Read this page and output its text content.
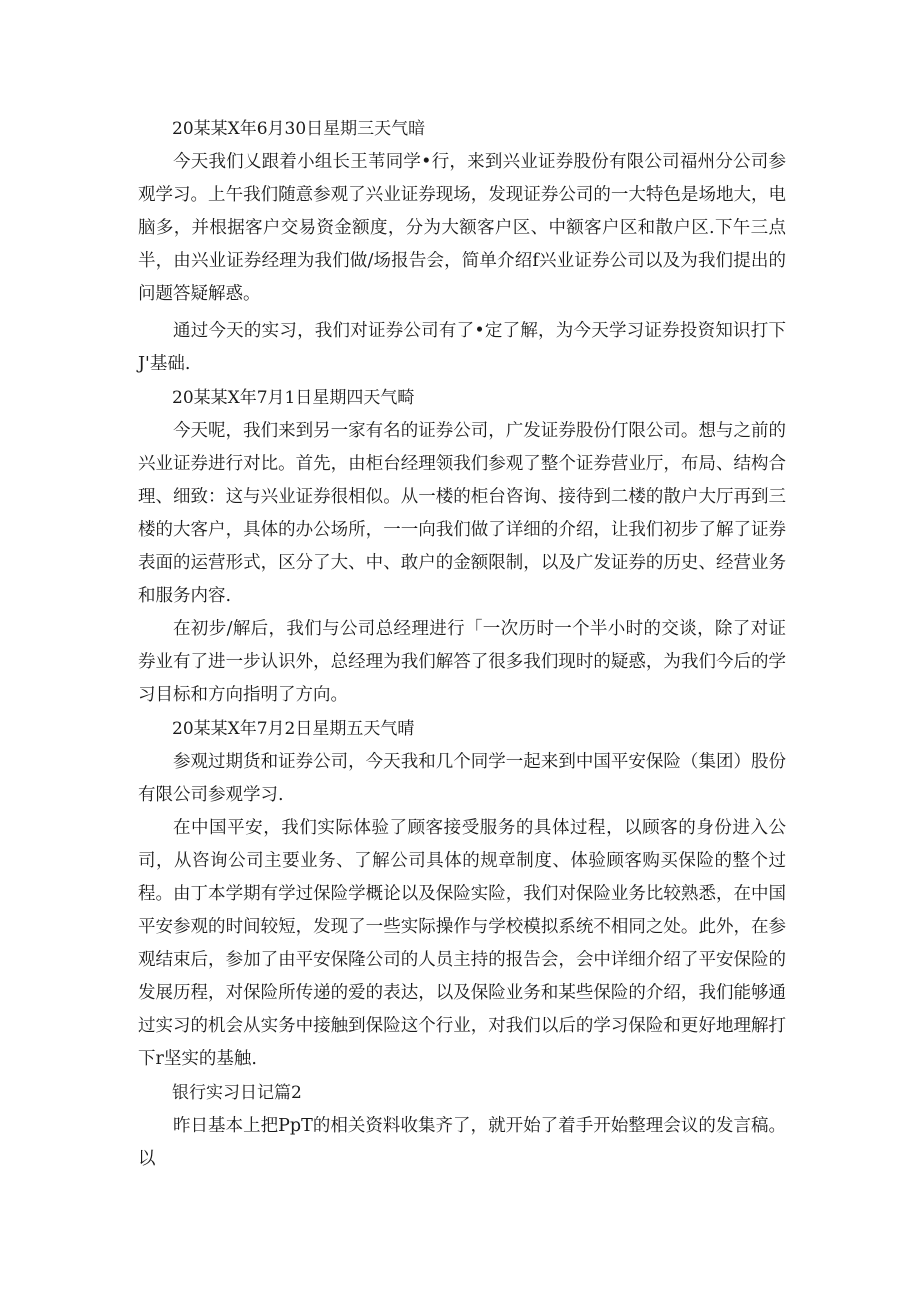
20某某X年6月30日星期三天气暗

今天我们乂跟着小组长王苇同学•行，来到兴业证券股份有限公司福州分公司参观学习。上午我们随意参观了兴业证券现场，发现证券公司的一大特色是场地大，电脑多，并根据客户交易资金额度，分为大额客户区、中额客户区和散户区.下午三点半，由兴业证券经理为我们做/场报告会，简单介绍f兴业证券公司以及为我们提出的问题答疑解惑。

通过今天的实习，我们对证券公司有了•定了解，为今天学习证券投资知识打下J'基础.

20某某X年7月1日星期四天气畸

今天呢，我们来到另一家有名的证券公司，广发证券股份仃限公司。想与之前的兴业证券进行对比。首先，由柜台经理领我们参观了整个证券营业厅，布局、结构合理、细致：这与兴业证券很相似。从一楼的柜台咨询、接待到二楼的散户大厅再到三楼的大客户，具体的办公场所，一一向我们做了详细的介绍，让我们初步了解了证券表面的运营形式，区分了大、中、敢户的金额限制，以及广发证券的历史、经营业务和服务内容.

在初步/解后，我们与公司总经理进行「一次历时一个半小时的交谈，除了对证券业有了进一步认识外，总经理为我们解答了很多我们现时的疑惑，为我们今后的学习目标和方向指明了方向。

20某某X年7月2日星期五天气晴

参观过期货和证券公司，今天我和几个同学一起来到中国平安保险（集团）股份有限公司参观学习.

在中国平安，我们实际体验了顾客接受服务的具体过程，以顾客的身份进入公司，从咨询公司主要业务、了解公司具体的规章制度、体验顾客购买保险的整个过程。由丁本学期有学过保险学概论以及保险实险，我们对保险业务比较熟悉，在中国平安参观的时间较短，发现了一些实际操作与学校模拟系统不相同之处。此外，在参观结束后，参加了由平安保隆公司的人员主持的报告会，会中详细介绍了平安保险的发展历程，对保险所传递的爱的表达，以及保险业务和某些保险的介绍，我们能够通过实习的机会从实务中接触到保险这个行业，对我们以后的学习保险和更好地理解打下r坚实的基触.

银行实习日记篇2

昨日基本上把PpT的相关资料收集齐了，就开始了着手开始整理会议的发言稿。以
